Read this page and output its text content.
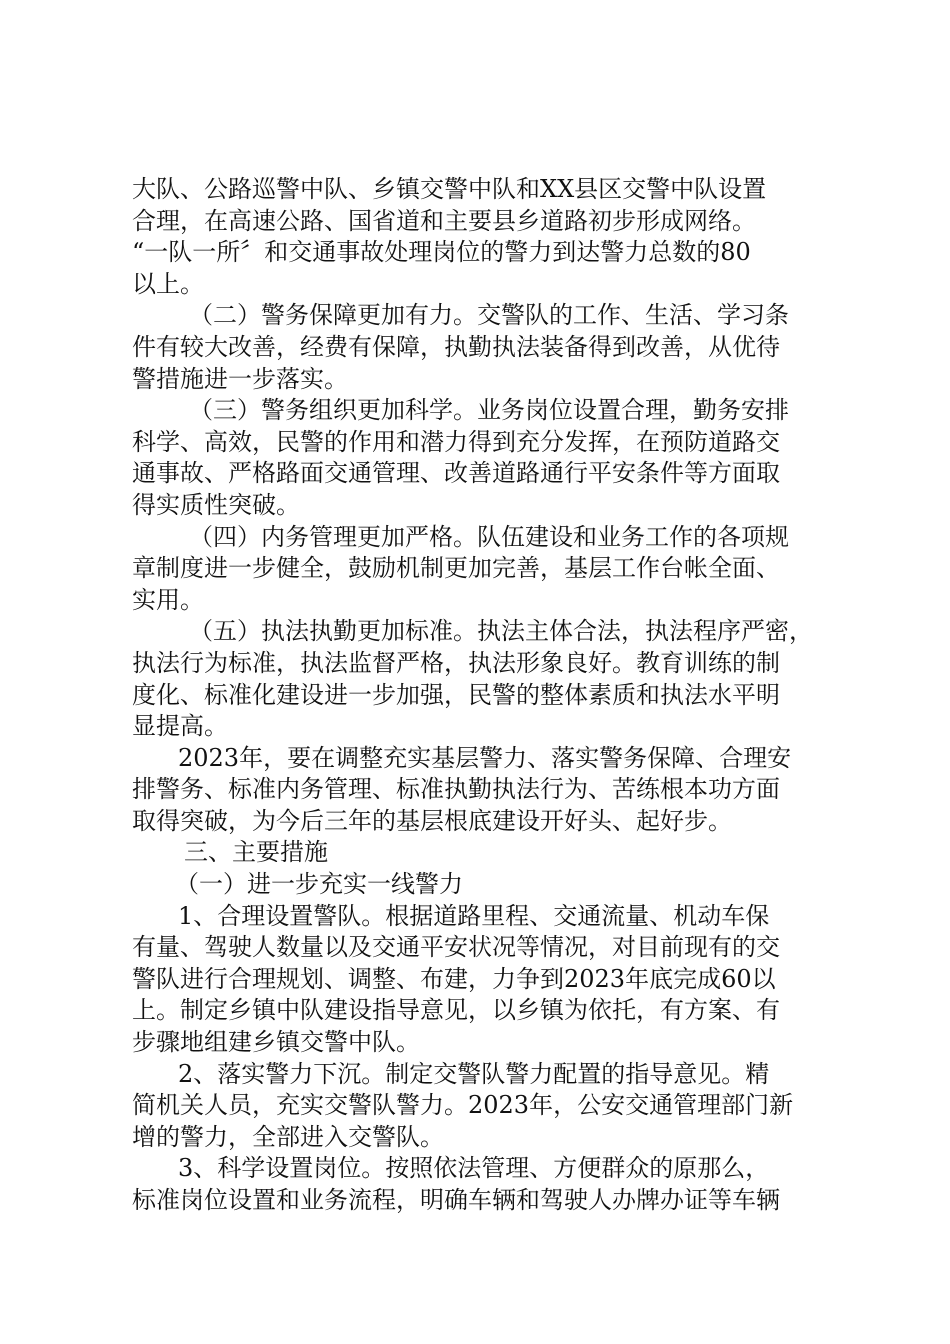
大队、公路巡警中队、乡镇交警中队和XX县区交警中队设置
合理，在高速公路、国省道和主要县乡道路初步形成网络。
“一队一所〞和交通事故处理岗位的警力到达警力总数的80
以上。
（二）警务保障更加有力。交警队的工作、生活、学习条
件有较大改善，经费有保障，执勤执法装备得到改善，从优待
警措施进一步落实。
（三）警务组织更加科学。业务岗位设置合理，勤务安排
科学、高效，民警的作用和潜力得到充分发挥，在预防道路交
通事故、严格路面交通管理、改善道路通行平安条件等方面取
得实质性突破。
（四）内务管理更加严格。队伍建设和业务工作的各项规
章制度进一步健全，鼓励机制更加完善，基层工作台帐全面、
实用。
（五）执法执勤更加标准。执法主体合法，执法程序严密，
执法行为标准，执法监督严格，执法形象良好。教育训练的制
度化、标准化建设进一步加强，民警的整体素质和执法水平明
显提高。
2023年，要在调整充实基层警力、落实警务保障、合理安
排警务、标准内务管理、标准执勤执法行为、苦练根本功方面
取得突破，为今后三年的基层根底建设开好头、起好步。
三、主要措施
（一）进一步充实一线警力
1、合理设置警队。根据道路里程、交通流量、机动车保
有量、驾驶人数量以及交通平安状况等情况，对目前现有的交
警队进行合理规划、调整、布建，力争到2023年底完成60以
上。制定乡镇中队建设指导意见，以乡镇为依托，有方案、有
步骤地组建乡镇交警中队。
2、落实警力下沉。制定交警队警力配置的指导意见。精
简机关人员，充实交警队警力。2023年，公安交通管理部门新
增的警力，全部进入交警队。
3、科学设置岗位。按照依法管理、方便群众的原那么，
标准岗位设置和业务流程，明确车辆和驾驶人办牌办证等车辆
